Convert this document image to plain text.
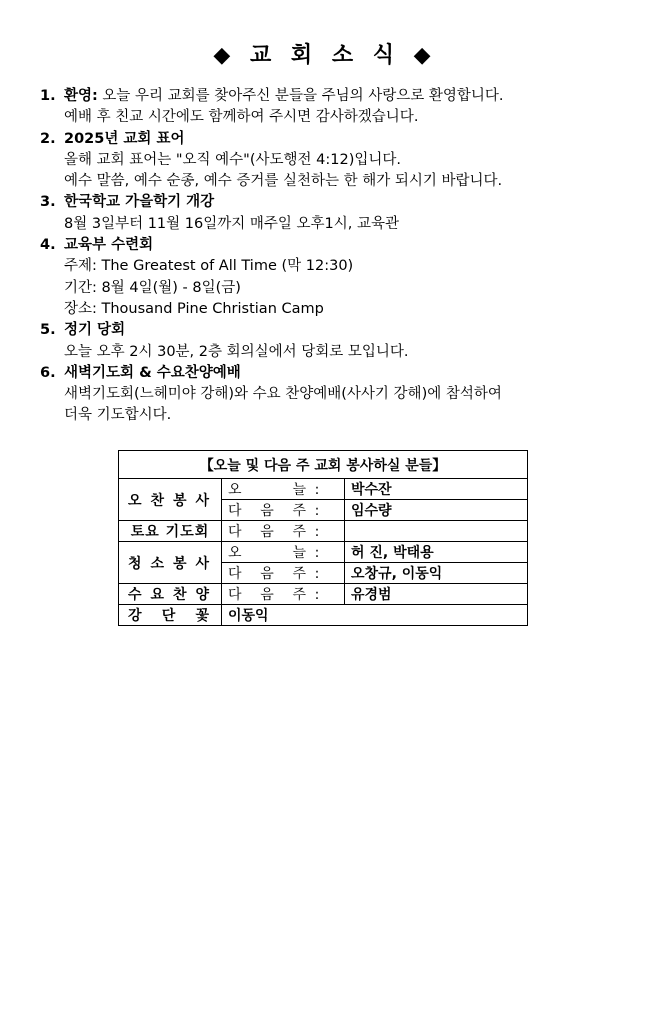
◆ 교 회 소 식 ◆
1. 환영: 오늘 우리 교회를 찾아주신 분들을 주님의 사랑으로 환영합니다.
예배 후 친교 시간에도 함께하여 주시면 감사하겠습니다.
2. 2025년 교회 표어
올해 교회 표어는 "오직 예수"(사도행전 4:12)입니다.
예수 말씀, 예수 순종, 예수 증거를 실천하는 한 해가 되시기 바랍니다.
3. 한국학교 가을학기 개강
8월 3일부터 11월 16일까지 매주일 오후1시, 교육관
4. 교육부 수련회
주제: The Greatest of All Time (막 12:30)
기간: 8월 4일(월) - 8일(금)
장소: Thousand Pine Christian Camp
5. 정기 당회
오늘 오후 2시 30분, 2층 회의실에서 당회로 모입니다.
6. 새벽기도회 & 수요찬양예배
새벽기도회(느헤미야 강해)와 수요 찬양예배(사사기 강해)에 참석하여
더욱 기도합시다.
【오늘 및 다음 주 교회 봉사하실 분들】		

오 찬 봉 사	오 늘 :	박수잔

	다 음 주 :	임수량
토요 기도회	다 음 주 :	

청 소 봉 사	오 늘 :	허 진, 박태용

	다 음 주 :	오창규, 이동익

수 요 찬 양	다 음 주 :	유경범

강 단 꽃	이동익	
